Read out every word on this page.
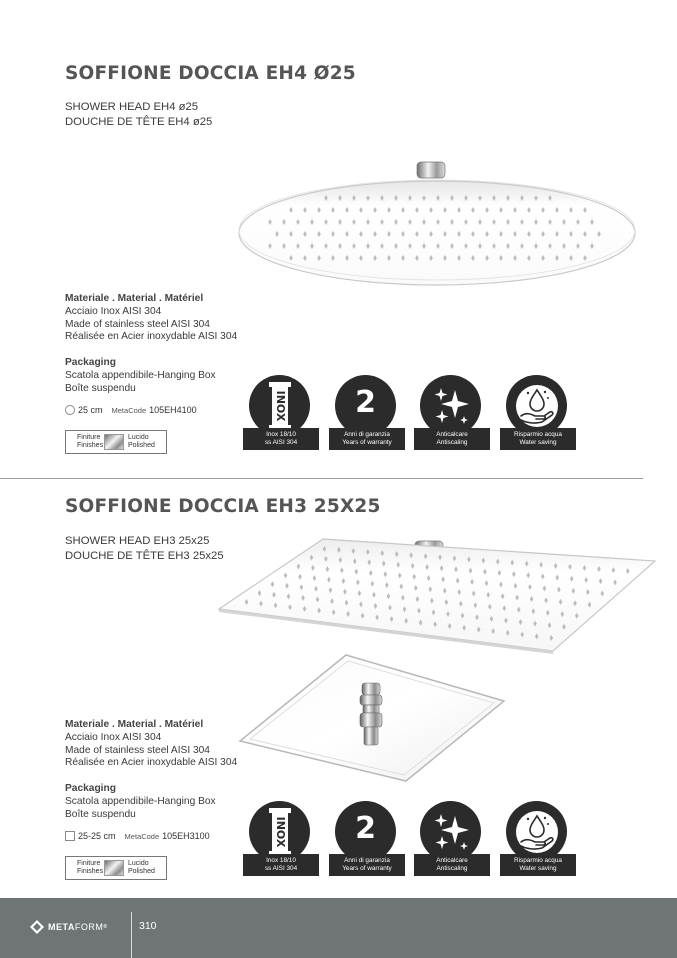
SOFFIONE DOCCIA EH4 Ø25
SHOWER HEAD EH4 ø25
DOUCHE DE TÊTE EH4 ø25
Materiale . Material . Matériel
Acciaio Inox AISI 304
Made of stainless steel AISI 304
Réalisée en Acier inoxydable AISI 304
Packaging
Scatola appendibile-Hanging Box
Boîte suspendu
25 cm MetaCode 105EH4100
Finiture
Finishes
Lucido
Polished
INOX
Inox 18/10
ss AISI 304
2
Anni di garanzia
Years of warranty
Anticalcare
Antiscaling
Risparmio acqua
Water saving
SOFFIONE DOCCIA EH3 25X25
SHOWER HEAD EH3 25x25
DOUCHE DE TÊTE EH3 25x25
Materiale . Material . Matériel
Acciaio Inox AISI 304
Made of stainless steel AISI 304
Réalisée en Acier inoxydable AISI 304
Packaging
Scatola appendibile-Hanging Box
Boîte suspendu
25-25 cm MetaCode 105EH3100
Finiture
Finishes
Lucido
Polished
INOX
Inox 18/10
ss AISI 304
2
Anni di garanzia
Years of warranty
Anticalcare
Antiscaling
Risparmio acqua
Water saving
META FORM ®	310
